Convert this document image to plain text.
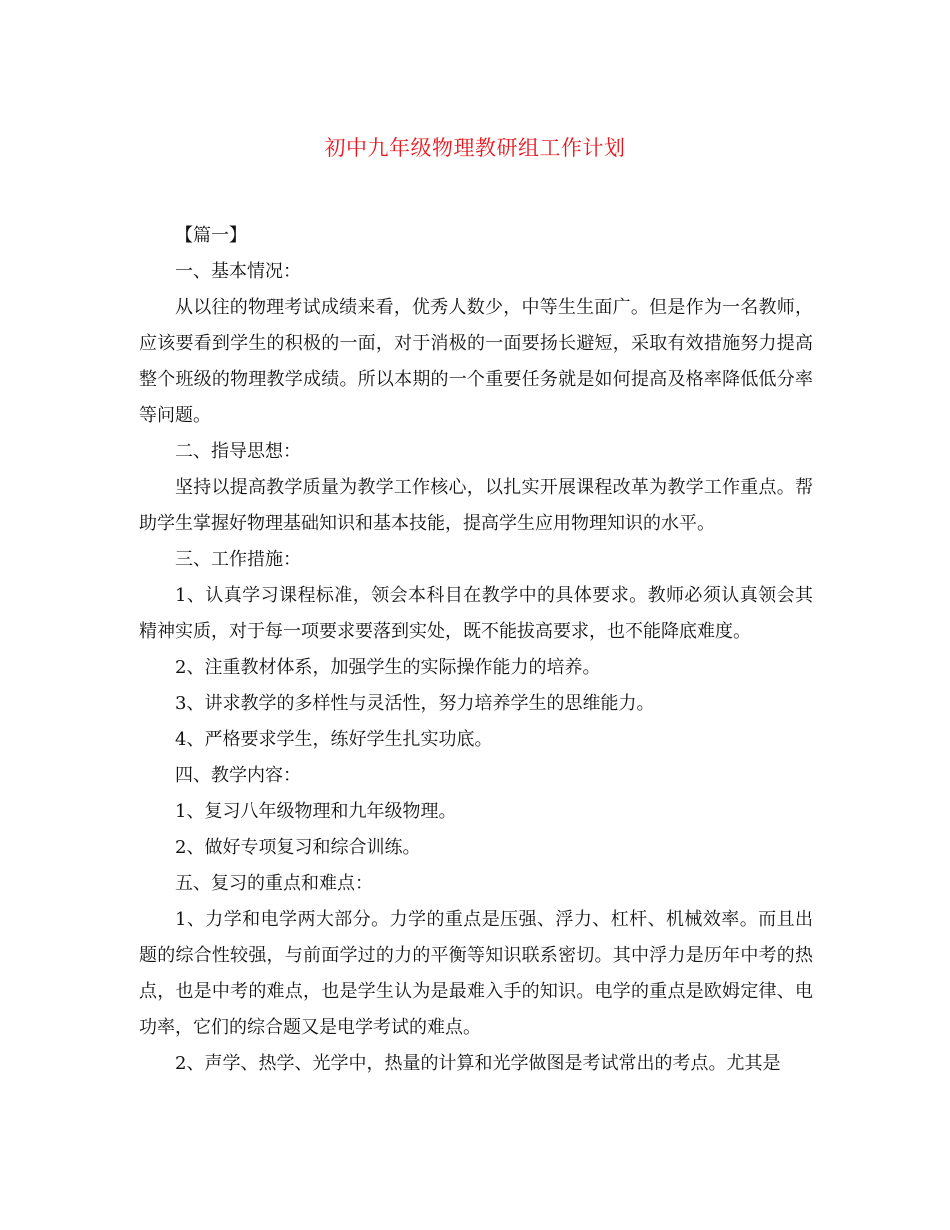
初中九年级物理教研组工作计划

【篇一】

一、基本情况：

从以往的物理考试成绩来看，优秀人数少，中等生生面广。但是作为一名教师，应该要看到学生的积极的一面，对于消极的一面要扬长避短，采取有效措施努力提高整个班级的物理教学成绩。所以本期的一个重要任务就是如何提高及格率降低低分率等问题。

二、指导思想：

坚持以提高教学质量为教学工作核心，以扎实开展课程改革为教学工作重点。帮助学生掌握好物理基础知识和基本技能，提高学生应用物理知识的水平。

三、工作措施：

1、认真学习课程标准，领会本科目在教学中的具体要求。教师必须认真领会其精神实质，对于每一项要求要落到实处，既不能拔高要求，也不能降底难度。

2、注重教材体系，加强学生的实际操作能力的培养。

3、讲求教学的多样性与灵活性，努力培养学生的思维能力。

4、严格要求学生，练好学生扎实功底。

四、教学内容：

1、复习八年级物理和九年级物理。

2、做好专项复习和综合训练。

五、复习的重点和难点：

1、力学和电学两大部分。力学的重点是压强、浮力、杠杆、机械效率。而且出题的综合性较强，与前面学过的力的平衡等知识联系密切。其中浮力是历年中考的热点，也是中考的难点，也是学生认为是最难入手的知识。电学的重点是欧姆定律、电功率，它们的综合题又是电学考试的难点。

2、声学、热学、光学中，热量的计算和光学做图是考试常出的考点。尤其是
